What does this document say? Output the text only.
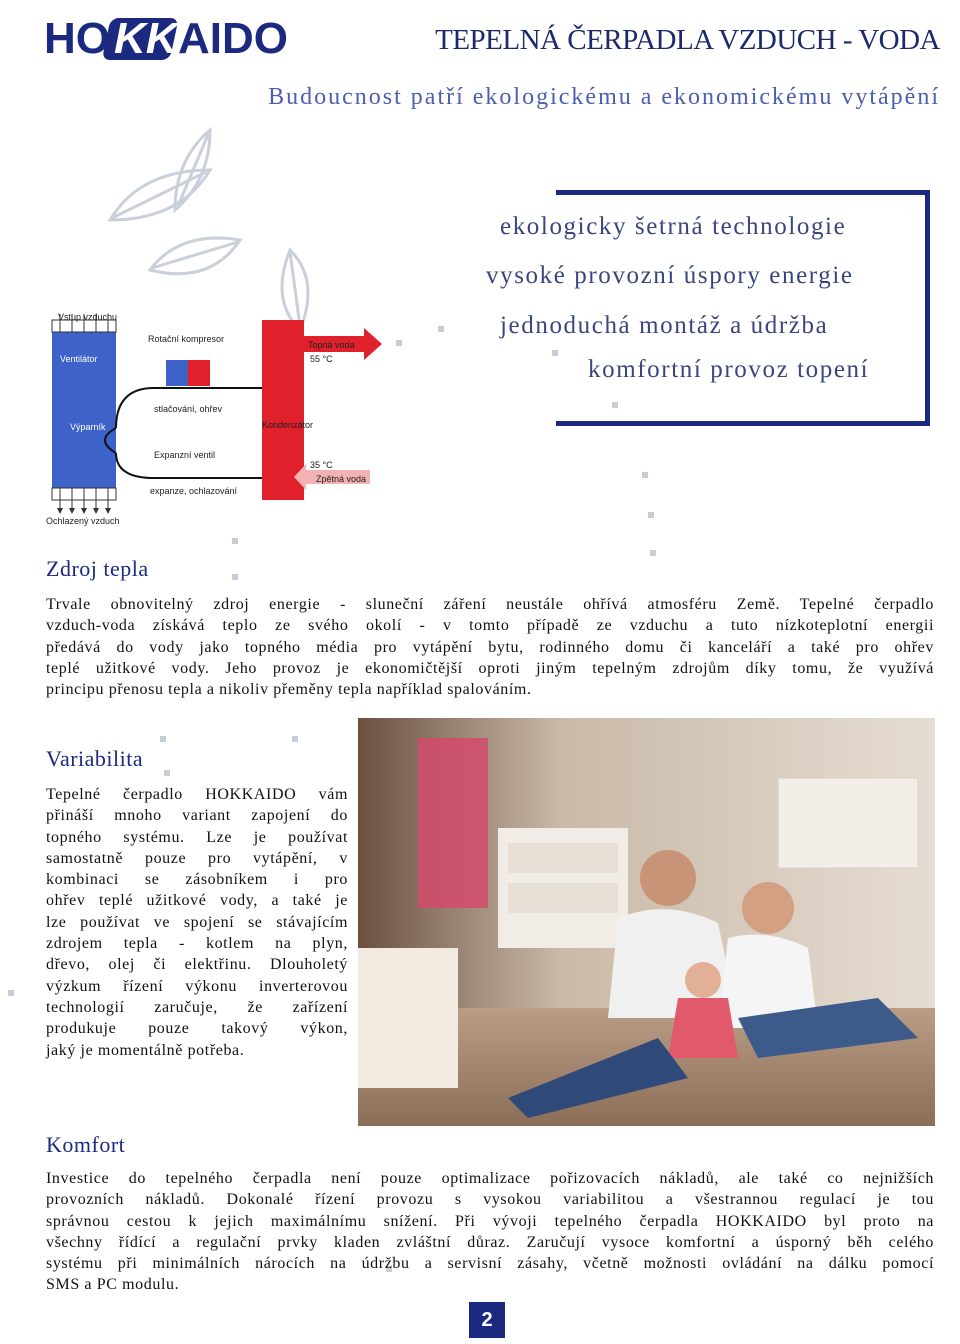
HO KK AIDO	TEPELNÁ ČERPADLA VZDUCH - VODA
Budoucnost patří ekologickému a ekonomickému vytápění
ekologicky šetrná technologie
vysoké provozní úspory energie
jednoduchá montáž a údržba
komfortní provoz topení
Vstup vzduchu
Ventilátor
Rotační kompresor
Topná voda
55 °C
stlačování, ohřev
Výparník	Kondenzátor
Expanzní ventil
35 °C
Zpětná voda
expanze, ochlazování
Ochlazený vzduch
Zdroj tepla
Trvale obnovitelný zdroj energie - sluneční záření neustále ohřívá atmosféru Země. Tepelné čerpadlo
vzduch-voda získává teplo ze svého okolí - v tomto případě ze vzduchu a tuto nízkoteplotní energii
předává do vody jako topného média pro vytápění bytu, rodinného domu či kanceláří a také pro ohřev
teplé užitkové vody. Jeho provoz je ekonomičtější oproti jiným tepelným zdrojům díky tomu, že využívá
principu přenosu tepla a nikoliv přeměny tepla například spalováním.
Variabilita
Tepelné čerpadlo HOKKAIDO vám
přináší mnoho variant zapojení do
topného systému. Lze je používat
samostatně pouze pro vytápění, v
kombinaci se zásobníkem i pro
ohřev teplé užitkové vody, a také je
lze používat ve spojení se stávajícím
zdrojem tepla - kotlem na plyn,
dřevo, olej či elektřinu. Dlouholetý
výzkum řízení výkonu inverterovou
technologií zaručuje, že zařízení
produkuje pouze takový výkon,
jaký je momentálně potřeba.
Komfort
Investice do tepelného čerpadla není pouze optimalizace pořizovacích nákladů, ale také co nejnižších
provozních nákladů. Dokonalé řízení provozu s vysokou variabilitou a všestrannou regulací je tou
správnou cestou k jejich maximálnímu snížení. Při vývoji tepelného čerpadla HOKKAIDO byl proto na
všechny řídící a regulační prvky kladen zvláštní důraz. Zaručují vysoce komfortní a úsporný běh celého
systému při minimálních nárocích na údržbu a servisní zásahy, včetně možnosti ovládání na dálku pomocí
SMS a PC modulu.
2
